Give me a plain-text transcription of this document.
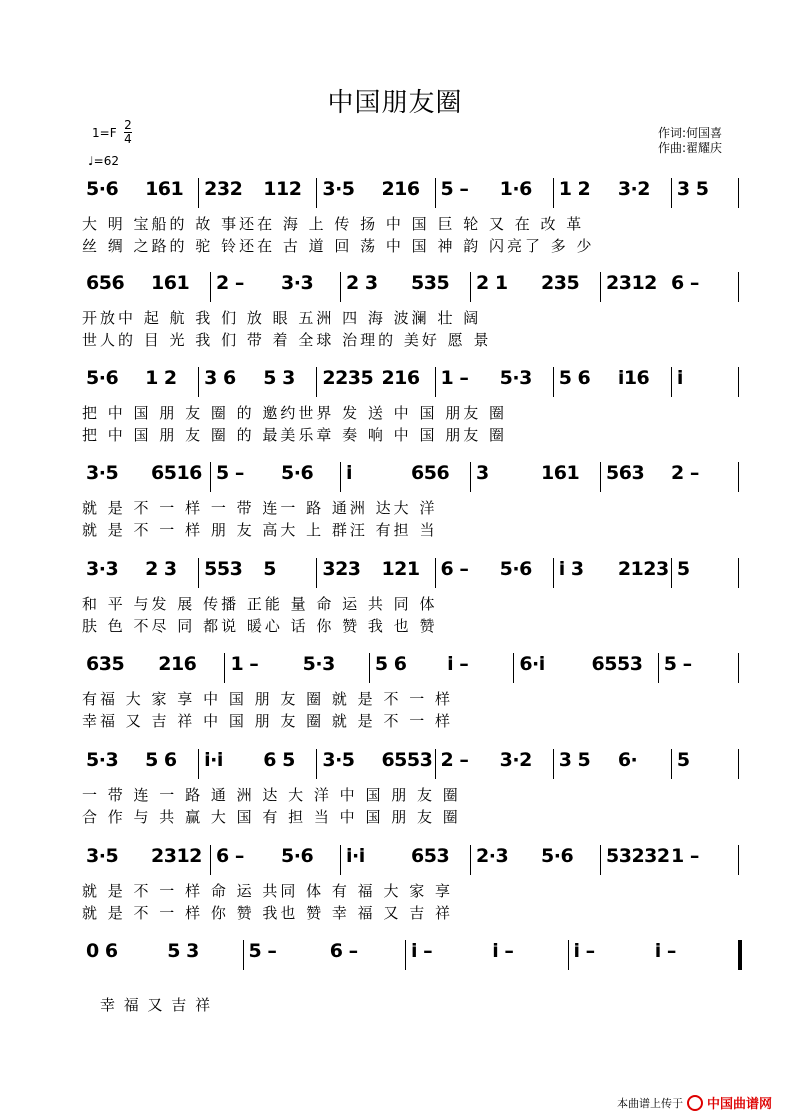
中国朋友圈
1=F
2
4
♩=62
作词:何国喜
作曲:翟耀庆
5·6 161 232 112 3·5 216 5 – 1·6 1 2 3·2 3 5
大 明 宝船的 故 事还在 海 上 传 扬 中 国 巨 轮 又 在 改 革
丝 绸 之路的 驼 铃还在 古 道 回 荡 中 国 神 韵 闪亮了 多 少
656 161 2 – 3·3 2 3 535 2 1 235 2312 6 –
开放中 起 航 我 们 放 眼 五洲 四 海 波澜 壮 阔
世人的 目 光 我 们 带 着 全球 治理的 美好 愿 景
5·6 1 2 3 6 5 3 2235 216 1 – 5·3 5 6 i16 i
把 中 国 朋 友 圈 的 邀约世界 发 送 中 国 朋友 圈
把 中 国 朋 友 圈 的 最美乐章 奏 响 中 国 朋友 圈
3·5 6516 5 – 5·6 i	656 3	161 563 2 –
就 是 不 一 样 一 带 连一 路 通洲 达大 洋
就 是 不 一 样 朋 友 高大 上 群汪 有担 当
3·3 2 3 553 5 323 121 6 – 5·6 i 3 2123 5
和 平 与发 展 传播 正能 量 命 运 共 同 体
肤 色 不尽 同 都说 暖心 话 你 赞 我 也 赞
635 216 1 – 5·3 5 6 i –	6·i 6553 5 –
有福 大 家 享 中 国 朋 友 圈 就 是 不 一 样
幸福 又 吉 祥 中 国 朋 友 圈 就 是 不 一 样
5·3 5 6 i·i 6 5 3·5 6553 2 – 3·2 3 5 6· 5
一 带 连 一 路 通 洲 达 大 洋 中 国 朋 友 圈
合 作 与 共 赢 大 国 有 担 当 中 国 朋 友 圈
3·5 2312 6 – 5·6 i·i 653 2·3 5·6 53232 1 –
就 是 不 一 样 命 运 共同 体 有 福 大 家 享
就 是 不 一 样 你 赞 我也 赞 幸 福 又 吉 祥
0 6	5 3	5 –	6 –	i –	i –	i –	i –
幸 福 又 吉 祥
本曲谱上传于 中国曲谱网
